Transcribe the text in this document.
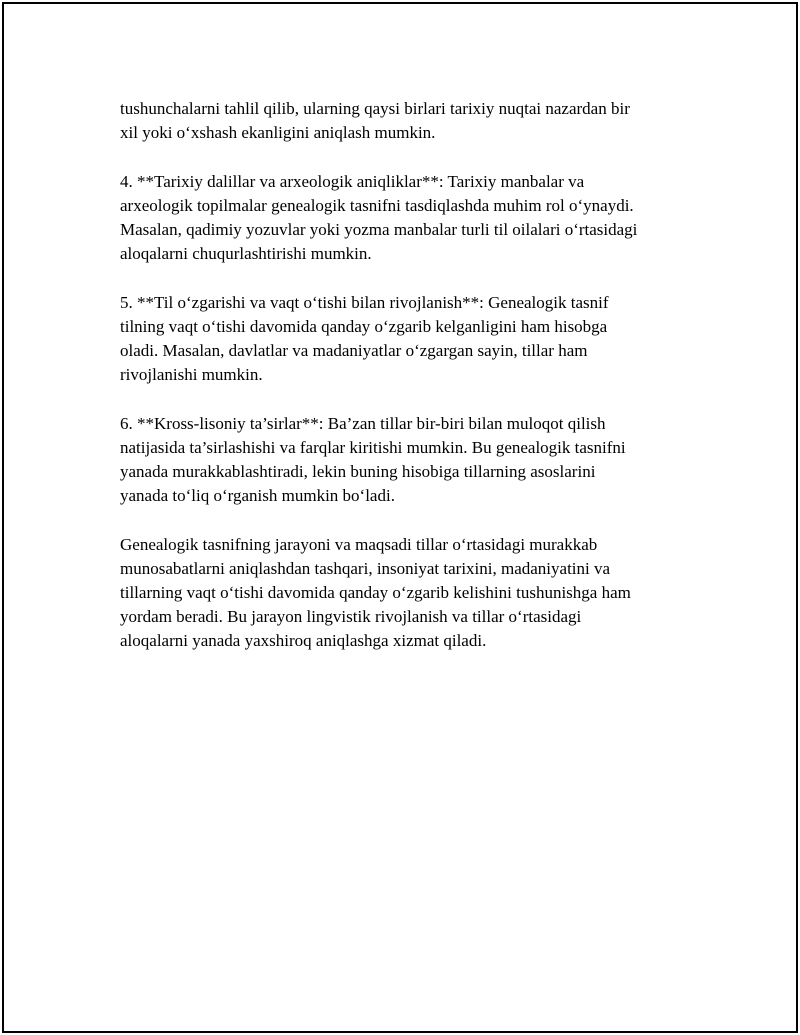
tushunchalarni tahlil qilib, ularning qaysi birlari tarixiy nuqtai nazardan bir
xil yoki o‘xshash ekanligini aniqlash mumkin.

4. **Tarixiy dalillar va arxeologik aniqliklar**: Tarixiy manbalar va
arxeologik topilmalar genealogik tasnifni tasdiqlashda muhim rol o‘ynaydi.
Masalan, qadimiy yozuvlar yoki yozma manbalar turli til oilalari o‘rtasidagi
aloqalarni chuqurlashtirishi mumkin.

5. **Til o‘zgarishi va vaqt o‘tishi bilan rivojlanish**: Genealogik tasnif
tilning vaqt o‘tishi davomida qanday o‘zgarib kelganligini ham hisobga
oladi. Masalan, davlatlar va madaniyatlar o‘zgargan sayin, tillar ham
rivojlanishi mumkin.

6. **Kross-lisoniy ta’sirlar**: Ba’zan tillar bir-biri bilan muloqot qilish
natijasida ta’sirlashishi va farqlar kiritishi mumkin. Bu genealogik tasnifni
yanada murakkablashtiradi, lekin buning hisobiga tillarning asoslarini
yanada to‘liq o‘rganish mumkin bo‘ladi.

Genealogik tasnifning jarayoni va maqsadi tillar o‘rtasidagi murakkab
munosabatlarni aniqlashdan tashqari, insoniyat tarixini, madaniyatini va
tillarning vaqt o‘tishi davomida qanday o‘zgarib kelishini tushunishga ham
yordam beradi. Bu jarayon lingvistik rivojlanish va tillar o‘rtasidagi
aloqalarni yanada yaxshiroq aniqlashga xizmat qiladi.
